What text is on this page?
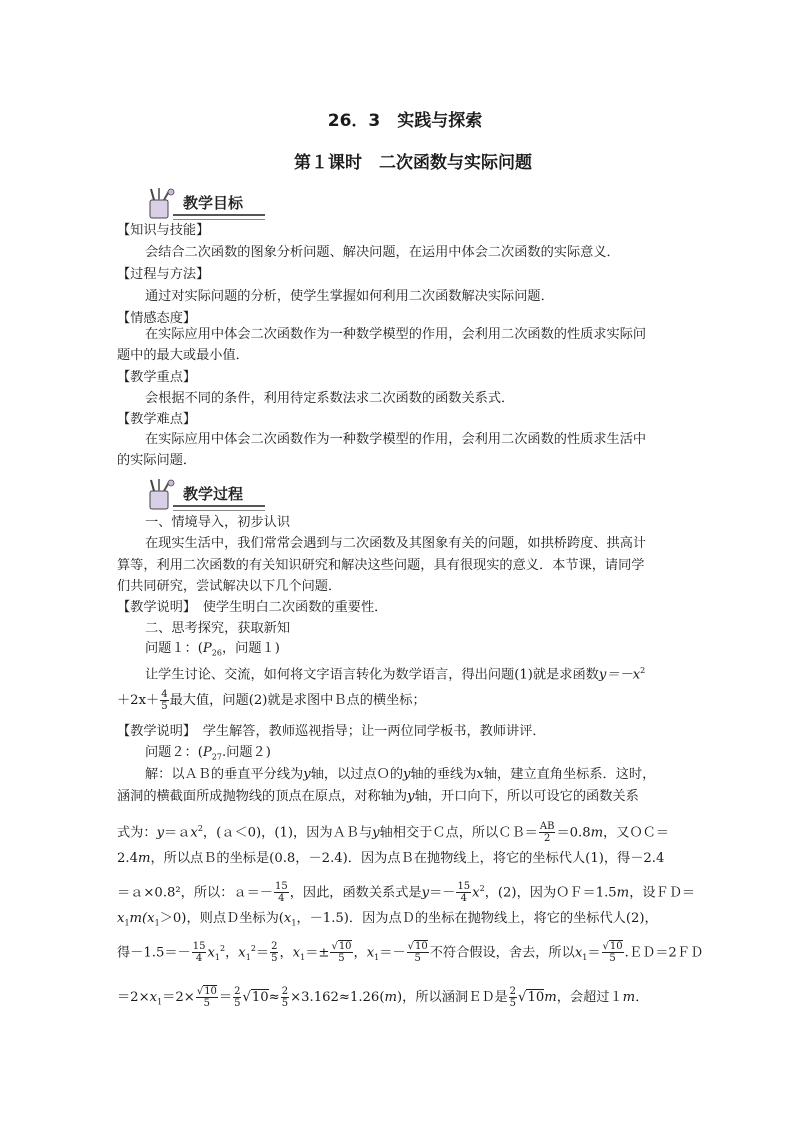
26．3　实践与探索
第１课时　二次函数与实际问题
教学目标
【知识与技能】
会结合二次函数的图象分析问题、解决问题，在运用中体会二次函数的实际意义．
【过程与方法】
通过对实际问题的分析，使学生掌握如何利用二次函数解决实际问题．
【情感态度】
在实际应用中体会二次函数作为一种数学模型的作用，会利用二次函数的性质求实际问
题中的最大或最小值．
【教学重点】
会根据不同的条件，利用待定系数法求二次函数的函数关系式．
【教学难点】
在实际应用中体会二次函数作为一种数学模型的作用，会利用二次函数的性质求生活中
的实际问题．
教学过程
一、情境导入，初步认识
在现实生活中，我们常常会遇到与二次函数及其图象有关的问题，如拱桥跨度、拱高计
算等，利用二次函数的有关知识研究和解决这些问题，具有很现实的意义．本节课，请同学
们共同研究，尝试解决以下几个问题．
【教学说明】　使学生明白二次函数的重要性．
二、思考探究，获取新知
问题１：($P_{26}$，问题１)
让学生讨论、交流，如何将文字语言转化为数学语言，得出问题(1)就是求函数$y=-x^2$
$+2x+ \frac{4}{5}$ 最大值，问题(2)就是求图中Ｂ点的横坐标；
【教学说明】　学生解答，教师巡视指导；让一两位同学板书，教师讲评．
问题２：($P_{27}$.问题２)
解：以ＡＢ的垂直平分线为y轴，以过点Ｏ的y轴的垂线为x轴，建立直角坐标系．这时，
涵洞的横截面所成抛物线的顶点在原点，对称轴为y轴，开口向下，所以可设它的函数关系
式为：y＝ａx$^2$，(ａ＜0)，(1)，因为ＡＢ与y轴相交于Ｃ点，所以ＣＢ＝ $\frac{AB}{2} =0.8m$，又ＯＣ＝
2.4m，所以点Ｂ的坐标是(0.8，－2.4)．因为点Ｂ在抛物线上，将它的坐标代人(1)，得－2.4
＝ａ×0.8²，所以：ａ＝－ $\frac{15}{4}$ ，因此，函数关系式是$y=- \frac{15}{4} x^2$，(2)，因为ＯＦ＝1.5m，设ＦＤ＝
$x_1m(x_1>0)$，则点Ｄ坐标为($x_1$，－1.5)．因为点Ｄ的坐标在抛物线上，将它的坐标代人(2)，
得$-1.5=- \frac{15}{4} x_1^2$，$x_1^2= \frac{2}{5}$ ，$x_1=\pm \frac{√10}{5}$ ，$x_1=- \frac{√10}{5}$ 不符合假设，舍去，所以$x_1= \frac{√10}{5}$ .ＥＤ＝2ＦＤ
$=2\times x_1=2\times \frac{√10}{5} = \frac{2}{5} √10\approx \frac{2}{5} \times 3.162\approx 1.26(m)$，所以涵洞ＥＤ是 $\frac{2}{5} √10m$，会超过１m．
